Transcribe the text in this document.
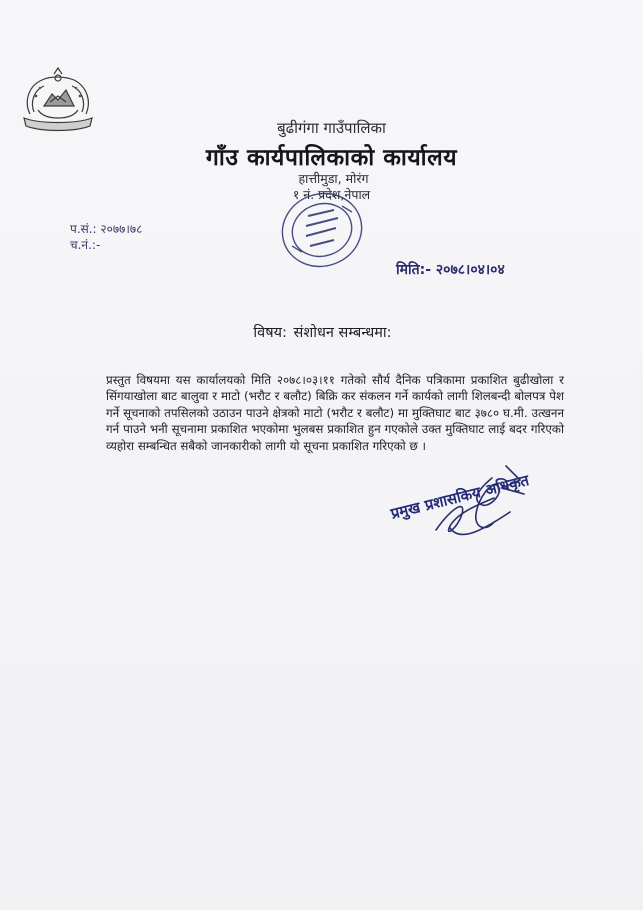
बुढीगंगा गाउँपालिका
गाँउ कार्यपालिकाको कार्यालय
हात्तीमुडा, मोरंग
१ नं. प्रदेश,नेपाल
प.सं.: २०७७।७८
च.नं.:-
मिति:- २०७८।०४।०४
विषय: संशोधन सम्बन्धमा:
प्रस्तुत विषयमा यस कार्यालयको मिति २०७८।०३।११ गतेको सौर्य दैनिक पत्रिकामा प्रकाशित बुढीखोला र सिंगयाखोला बाट बालुवा र माटो (भरौट र बलौट) बिक्रि कर संकलन गर्ने कार्यको लागी शिलबन्दी बोलपत्र पेश गर्ने सूचनाको तपसिलको उठाउन पाउने क्षेत्रको माटो (भरौट र बलौट) मा मुक्तिघाट बाट ३७८० घ.मी. उत्खनन गर्न पाउने भनी सूचनामा प्रकाशित भएकोमा भुलबस प्रकाशित हुन गएकोले उक्त मुक्तिघाट लाई बदर गरिएको व्यहोरा सम्बन्धित सबैको जानकारीको लागी यो सूचना प्रकाशित गरिएको छ ।
प्रमुख प्रशासकिय अधिकृत
